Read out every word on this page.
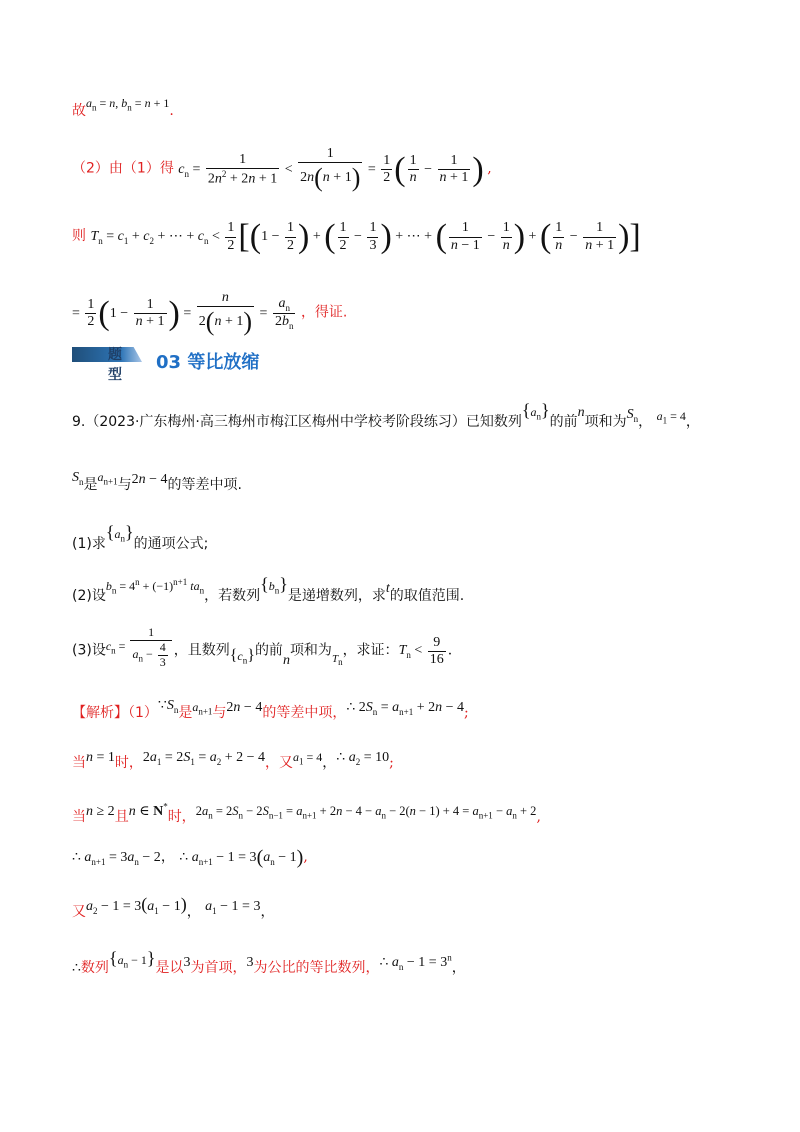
故$a_n = n$, $b_n = n + 1$.
（2）由（1）得 $c_n = \frac{1}{2n^2 + 2n + 1} < \frac{1}{2n(n + 1)} = \frac{1}{2}$ ( $\frac{1}{n} - \frac{1}{n + 1}$ ) ,
则 $T_n = c_1 + c_2$ + ⋯ + $c_n < \frac{1}{2} [(1 - \frac{1}{2}$ ) + ( $\frac{1}{2} - \frac{1}{3}$ ) + ⋯ + ( $\frac{1}{n - 1} - \frac{1}{n}$ ) + ( $\frac{1}{n} - \frac{1}{n + 1}$ )]
= $\frac{1}{2} (1 - \frac{1}{n + 1}$ ) = $\frac{n}{2(n + 1)} = \frac{a_n}{2b_n}$ ，得证.
题型
03 等比放缩
9.（2023·广东梅州·高三梅州市梅江区梅州中学校考阶段练习）已知数列$\{a_n\}$的前n项和为$S_n$， $a_1 = 4$，
$S_n$是$a_{n+1}$与2n − 4的等差中项.
(1)求$\{a_n\}$的通项公式;
(2)设$b_n = 4^n + (-1)^{n+1}$ $ta_n$，若数列$\{b_n\}$是递增数列，求t的取值范围.
(3)设$c_n = \frac{1}{a_n - \frac{4}{3}}$ ，且数列$\{c_n\}$的前n项和为$_{T_n}$，求证：$T_n < \frac{9}{16}$ .
【解析】$(1)\because S_n$是$a_{n+1}$与2n − 4的等差中项，∴ $2S_n = a_{n+1} + 2n - 4$;
当n = 1时，$2a_1 = 2S_1 = a_2 + 2 - 4$，又$a_1 = 4$，∴ $a_2 = 10$;
当n ≥ 2且n ∈ N*时，$2a_n = 2S_n - 2S_{n-1} = a_{n+1} + 2n - 4 - a_n - 2(n - 1) + 4 = a_{n+1} - a_n + 2$,
∴ $a_{n+1} = 3a_n - 2$， ∴ $a_{n+1} - 1 = 3(a_n - 1)$,
又$a_2 - 1 = 3(a_1 - 1)$， $a_1 - 1 = 3$，
∴数列$\{a_n - 1\}$是以3为首项，3为公比的等比数列，∴ $a_n - 1 = 3^n$，
